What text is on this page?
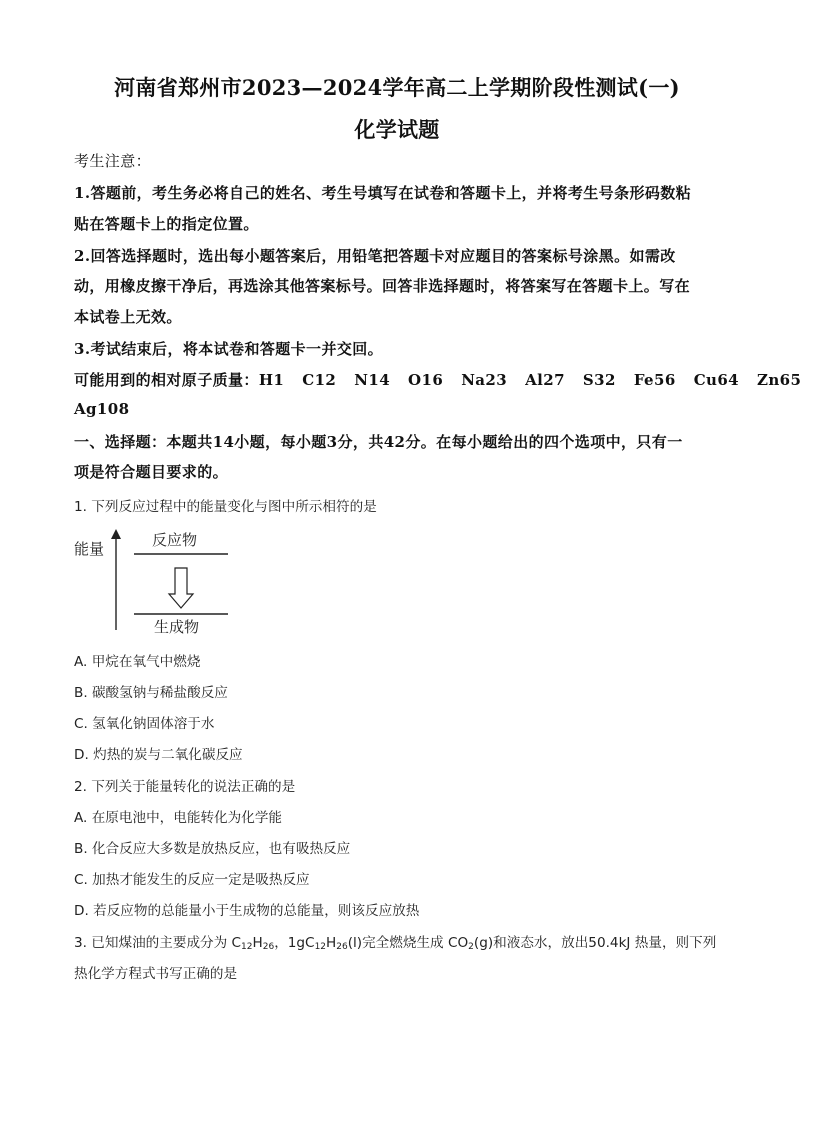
河南省郑州市2023—2024学年高二上学期阶段性测试(一)
化学试题
考生注意：
1.答题前，考生务必将自己的姓名、考生号填写在试卷和答题卡上，并将考生号条形码数粘
贴在答题卡上的指定位置。
2.回答选择题时，选出每小题答案后，用铅笔把答题卡对应题目的答案标号涂黑。如需改
动，用橡皮擦干净后，再选涂其他答案标号。回答非选择题时，将答案写在答题卡上。写在
本试卷上无效。
3.考试结束后，将本试卷和答题卡一并交回。
可能用到的相对原子质量：H1 C12 N14 O16 Na23 Al27 S32 Fe56 Cu64 Zn65
Ag108
一、选择题：本题共14小题，每小题3分，共42分。在每小题给出的四个选项中，只有一
项是符合题目要求的。
1. 下列反应过程中的能量变化与图中所示相符的是
能量	反应物
生成物
A. 甲烷在氧气中燃烧
B. 碳酸氢钠与稀盐酸反应
C. 氢氧化钠固体溶于水
D. 灼热的炭与二氧化碳反应
2. 下列关于能量转化的说法正确的是
A. 在原电池中，电能转化为化学能
B. 化合反应大多数是放热反应，也有吸热反应
C. 加热才能发生的反应一定是吸热反应
D. 若反应物的总能量小于生成物的总能量，则该反应放热
3. 已知煤油的主要成分为 $C_{12}H_{26}$，$1gC_{12}H_{26}(l)$完全燃烧生成 $CO_2(g)$和液态水，放出50.4kJ 热量，则下列
热化学方程式书写正确的是
